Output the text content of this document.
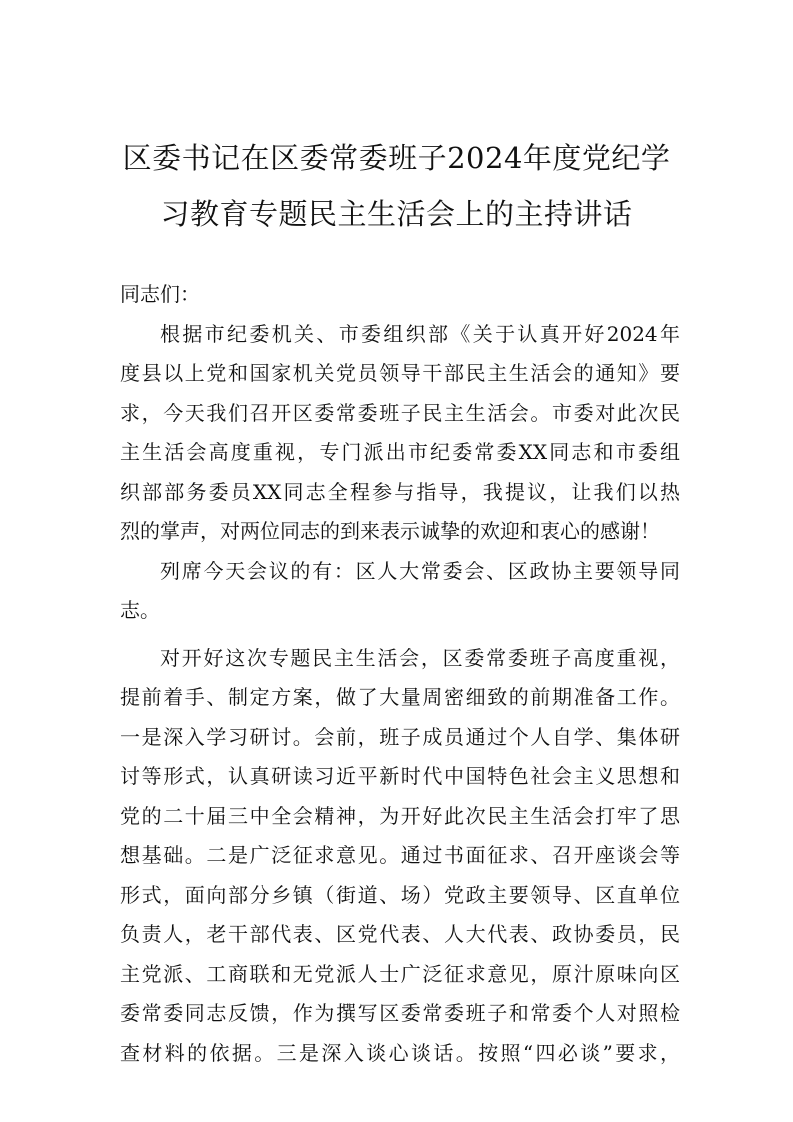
区委书记在区委常委班子2024年度党纪学
习教育专题民主生活会上的主持讲话
同志们：
根据市纪委机关、市委组织部《关于认真开好2024年
度县以上党和国家机关党员领导干部民主生活会的通知》要
求，今天我们召开区委常委班子民主生活会。市委对此次民
主生活会高度重视，专门派出市纪委常委XX同志和市委组
织部部务委员XX同志全程参与指导，我提议，让我们以热
烈的掌声，对两位同志的到来表示诚挚的欢迎和衷心的感谢！
列席今天会议的有：区人大常委会、区政协主要领导同
志。
对开好这次专题民主生活会，区委常委班子高度重视，
提前着手、制定方案，做了大量周密细致的前期准备工作。
一是深入学习研讨。会前，班子成员通过个人自学、集体研
讨等形式，认真研读习近平新时代中国特色社会主义思想和
党的二十届三中全会精神，为开好此次民主生活会打牢了思
想基础。二是广泛征求意见。通过书面征求、召开座谈会等
形式，面向部分乡镇（街道、场）党政主要领导、区直单位
负责人，老干部代表、区党代表、人大代表、政协委员，民
主党派、工商联和无党派人士广泛征求意见，原汁原味向区
委常委同志反馈，作为撰写区委常委班子和常委个人对照检
查材料的依据。三是深入谈心谈话。按照“四必谈”要求，
